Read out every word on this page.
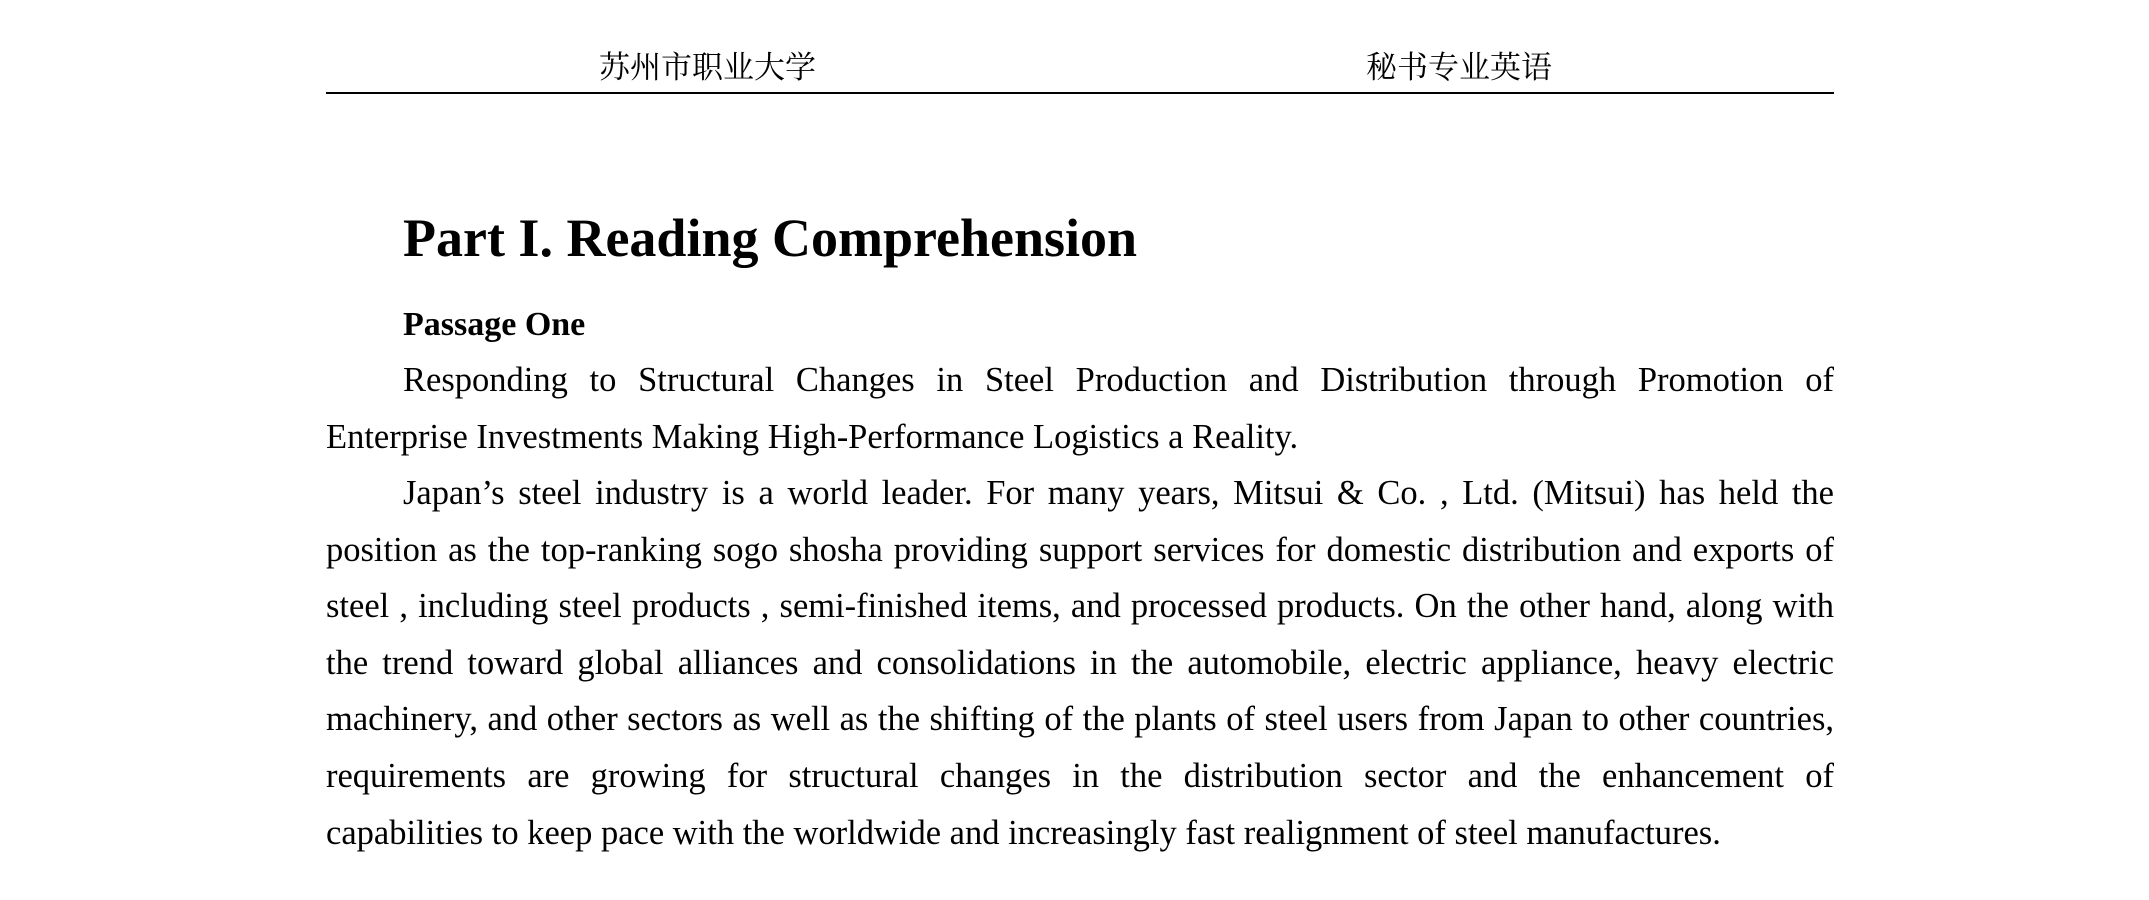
苏州市职业大学	秘书专业英语
Part I. Reading Comprehension
Passage One

Responding to Structural Changes in Steel Production and Distribution through Promotion of Enterprise Investments Making High-Performance Logistics a Reality.

Japan’s steel industry is a world leader. For many years, Mitsui & Co. , Ltd. (Mitsui) has held the position as the top-ranking sogo shosha providing support services for domestic distribution and exports of steel , including steel products , semi-finished items, and processed products. On the other hand, along with the trend toward global alliances and consolidations in the automobile, electric appliance, heavy electric machinery, and other sectors as well as the shifting of the plants of steel users from Japan to other countries, requirements are growing for structural changes in the distribution sector and the enhancement of capabilities to keep pace with the worldwide and increasingly fast realignment of steel manufactures.
